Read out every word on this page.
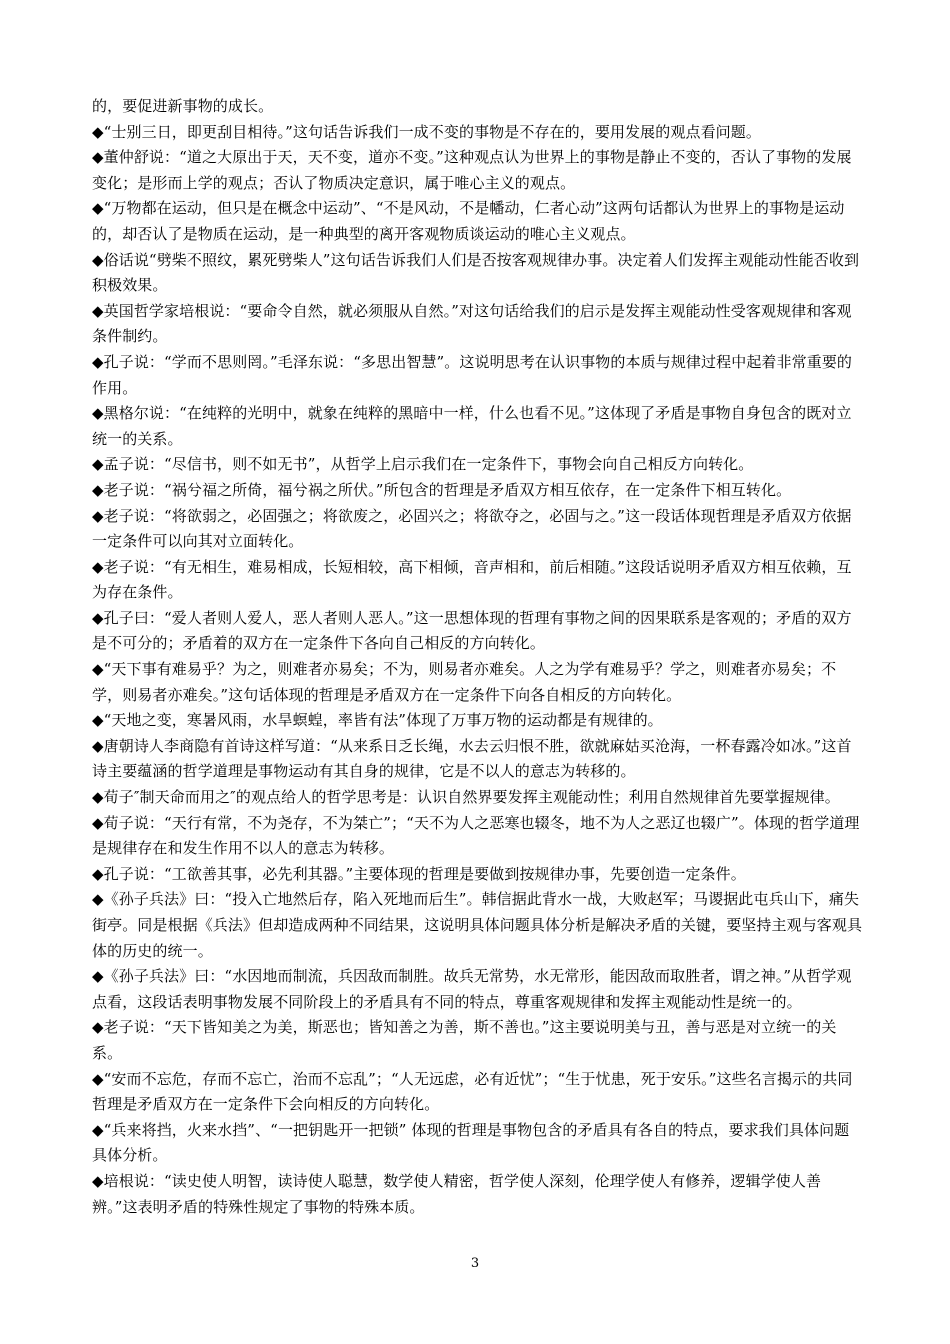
的，要促进新事物的成长。

◆“士别三日，即更刮目相待。”这句话告诉我们一成不变的事物是不存在的，要用发展的观点看问题。

◆董仲舒说：“道之大原出于天，天不变，道亦不变。”这种观点认为世界上的事物是静止不变的，否认了事物的发展变化；是形而上学的观点；否认了物质决定意识，属于唯心主义的观点。

◆“万物都在运动，但只是在概念中运动”、“不是风动，不是幡动，仁者心动”这两句话都认为世界上的事物是运动的，却否认了是物质在运动，是一种典型的离开客观物质谈运动的唯心主义观点。

◆俗话说“劈柴不照纹，累死劈柴人”这句话告诉我们人们是否按客观规律办事。决定着人们发挥主观能动性能否收到积极效果。

◆英国哲学家培根说：“要命令自然，就必须服从自然。”对这句话给我们的启示是发挥主观能动性受客观规律和客观条件制约。

◆孔子说：“学而不思则罔。”毛泽东说：“多思出智慧”。这说明思考在认识事物的本质与规律过程中起着非常重要的作用。

◆黑格尔说：“在纯粹的光明中，就象在纯粹的黑暗中一样，什么也看不见。”这体现了矛盾是事物自身包含的既对立统一的关系。

◆孟子说：“尽信书，则不如无书”，从哲学上启示我们在一定条件下，事物会向自己相反方向转化。

◆老子说：“祸兮福之所倚，福兮祸之所伏。”所包含的哲理是矛盾双方相互依存，在一定条件下相互转化。

◆老子说：“将欲弱之，必固强之；将欲废之，必固兴之；将欲夺之，必固与之。”这一段话体现哲理是矛盾双方依据一定条件可以向其对立面转化。

◆老子说：“有无相生，难易相成，长短相较，高下相倾，音声相和，前后相随。”这段话说明矛盾双方相互依赖，互为存在条件。

◆孔子曰：“爱人者则人爱人，恶人者则人恶人。”这一思想体现的哲理有事物之间的因果联系是客观的；矛盾的双方是不可分的；矛盾着的双方在一定条件下各向自己相反的方向转化。

◆“天下事有难易乎？为之，则难者亦易矣；不为，则易者亦难矣。人之为学有难易乎？学之，则难者亦易矣；不学，则易者亦难矣。”这句话体现的哲理是矛盾双方在一定条件下向各自相反的方向转化。

◆“天地之变，寒暑风雨，水旱螟蝗，率皆有法”体现了万事万物的运动都是有规律的。

◆唐朝诗人李商隐有首诗这样写道：“从来系日乏长绳，水去云归恨不胜，欲就麻姑买沧海，一杯春露冷如冰。”这首诗主要蕴涵的哲学道理是事物运动有其自身的规律，它是不以人的意志为转移的。

◆荀子″制天命而用之″的观点给人的哲学思考是：认识自然界要发挥主观能动性；利用自然规律首先要掌握规律。

◆荀子说：“天行有常，不为尧存，不为桀亡”；“天不为人之恶寒也辍冬，地不为人之恶辽也辍广”。体现的哲学道理是规律存在和发生作用不以人的意志为转移。

◆孔子说：“工欲善其事，必先利其器。”主要体现的哲理是要做到按规律办事，先要创造一定条件。

◆《孙子兵法》曰：“投入亡地然后存，陷入死地而后生”。韩信据此背水一战，大败赵军；马谡据此屯兵山下，痛失街亭。同是根据《兵法》但却造成两种不同结果，这说明具体问题具体分析是解决矛盾的关键，要坚持主观与客观具体的历史的统一。

◆《孙子兵法》曰：“水因地而制流，兵因敌而制胜。故兵无常势，水无常形，能因敌而取胜者，谓之神。”从哲学观点看，这段话表明事物发展不同阶段上的矛盾具有不同的特点，尊重客观规律和发挥主观能动性是统一的。

◆老子说：“天下皆知美之为美，斯恶也；皆知善之为善，斯不善也。”这主要说明美与丑，善与恶是对立统一的关系。

◆“安而不忘危，存而不忘亡，治而不忘乱”；“人无远虑，必有近忧”；“生于忧患，死于安乐。”这些名言揭示的共同哲理是矛盾双方在一定条件下会向相反的方向转化。

◆“兵来将挡，火来水挡”、“一把钥匙开一把锁” 体现的哲理是事物包含的矛盾具有各自的特点，要求我们具体问题具体分析。

◆培根说：“读史使人明智，读诗使人聪慧，数学使人精密，哲学使人深刻，伦理学使人有修养，逻辑学使人善辨。”这表明矛盾的特殊性规定了事物的特殊本质。

3
